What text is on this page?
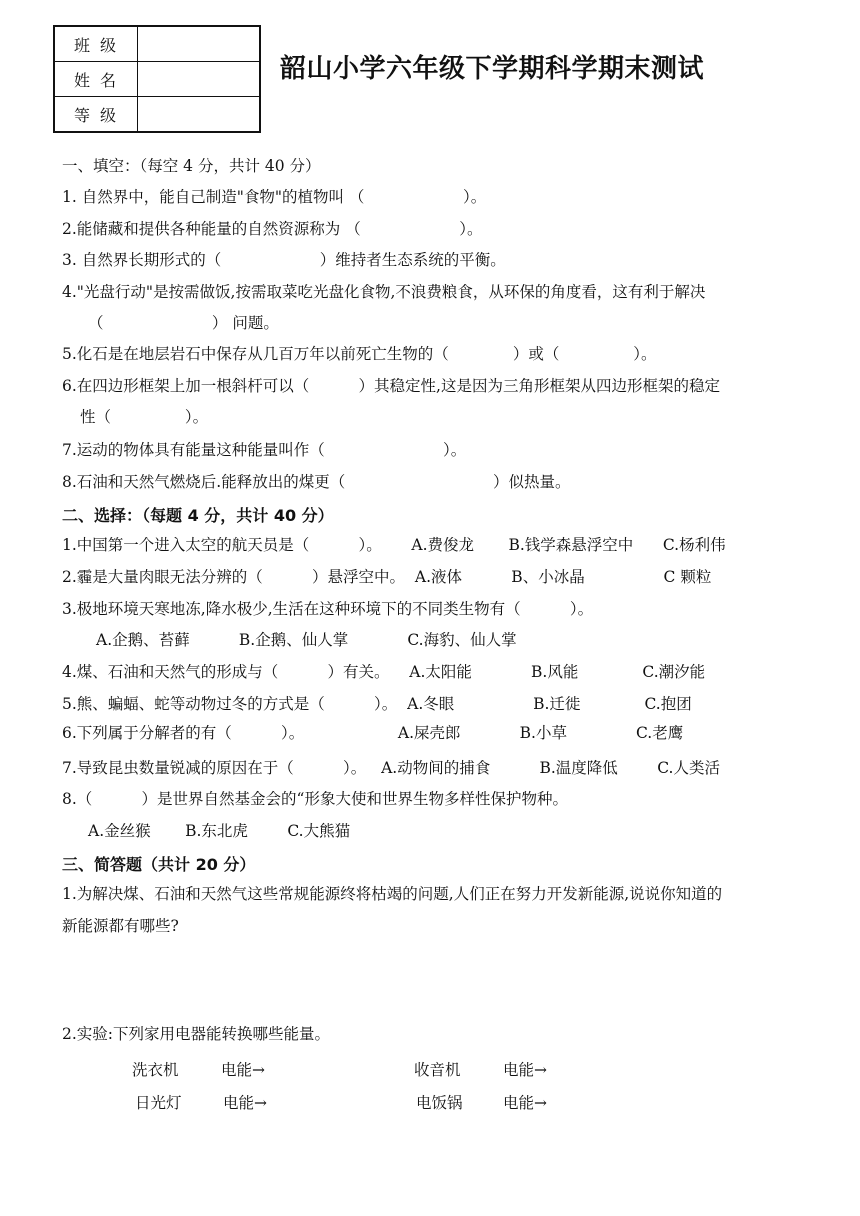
班级	
姓名	
等级	
韶山小学六年级下学期科学期末测试
一、填空：（每空 4 分，共计 40 分）
1. 自然界中，能自己制造"食物"的植物叫 （                    ）。
2.能储藏和提供各种能量的自然资源称为 （                    ）。
3. 自然界长期形式的（                    ）维持者生态系统的平衡。
4."光盘行动"是按需做饭,按需取菜吃光盘化食物,不浪费粮食，从环保的角度看，这有利于解决
（                      ） 问题。
5.化石是在地层岩石中保存从几百万年以前死亡生物的（             ）或（               ）。
6.在四边形框架上加一根斜杆可以（          ）其稳定性,这是因为三角形框架从四边形框架的稳定
性（               ）。
7.运动的物体具有能量这种能量叫作（                        ）。
8.石油和天然气燃烧后.能释放出的煤更（                              ）似热量。
二、选择：（每题 4 分，共计 40 分）
1.中国第一个进入太空的航天员是（          ）。      A.费俊龙       B.钱学森悬浮空中      C.杨利伟
2.霾是大量肉眼无法分辨的（          ）悬浮空中。  A.液体          B、小冰晶                C 颗粒
3.极地环境天寒地冻,降水极少,生活在这种环境下的不同类生物有（          ）。
A.企鹅、苔藓          B.企鹅、仙人掌            C.海豹、仙人掌
4.煤、石油和天然气的形成与（          ）有关。    A.太阳能            B.风能             C.潮汐能
5.熊、蝙蝠、蛇等动物过冬的方式是（          ）。  A.冬眼                B.迁徙             C.抱团
6.下列属于分解者的有（          ）。                   A.屎壳郎            B.小草              C.老鹰
7.导致昆虫数量锐减的原因在于（          ）。   A.动物间的捕食          B.温度降低        C.人类活
8.（          ）是世界自然基金会的“形象大使和世界生物多样性保护物种。
A.金丝猴       B.东北虎        C.大熊猫
三、简答题（共计 20 分）
1.为解决煤、石油和天然气这些常规能源终将枯竭的问题,人们正在努力开发新能源,说说你知道的
新能源都有哪些?
2.实验:下列家用电器能转换哪些能量。
洗衣机	电能→	收音机	电能→
日光灯	电能→	电饭锅	电能→
